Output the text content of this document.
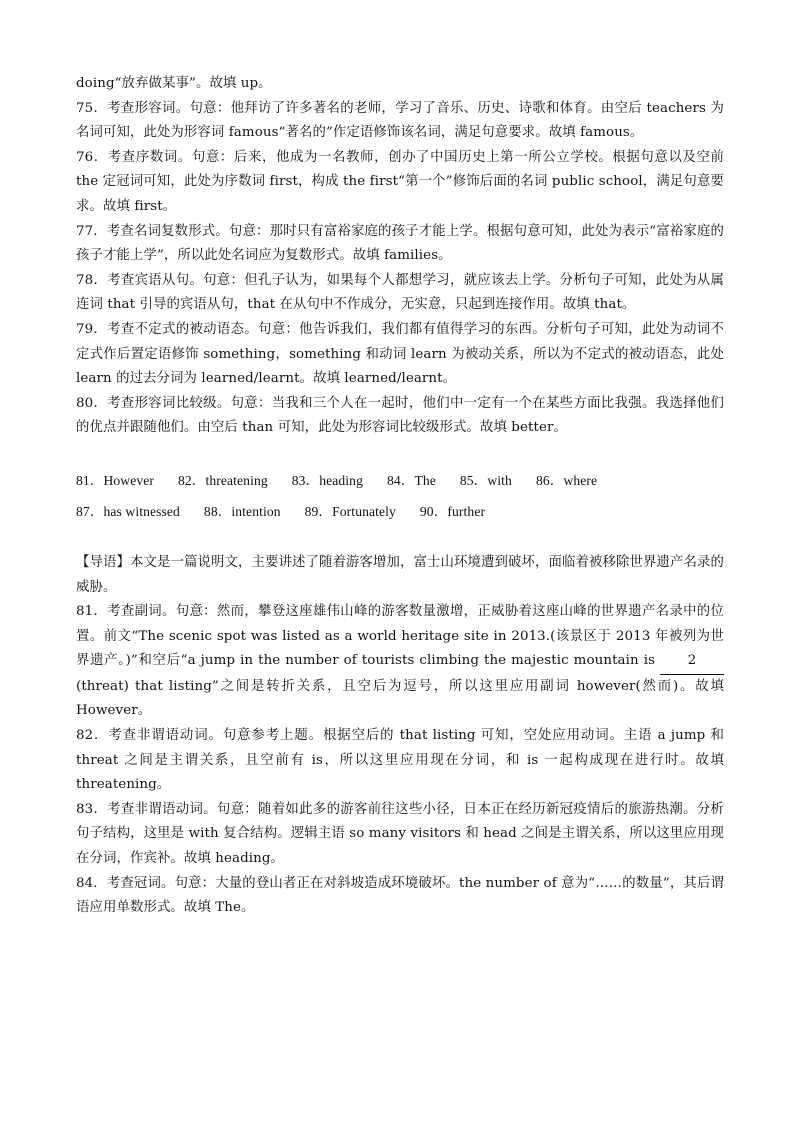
doing“放弃做某事”。故填 up。

75．考查形容词。句意：他拜访了许多著名的老师，学习了音乐、历史、诗歌和体育。由空后 teachers 为名词可知，此处为形容词 famous“著名的”作定语修饰该名词，满足句意要求。故填 famous。

76．考查序数词。句意：后来，他成为一名教师，创办了中国历史上第一所公立学校。根据句意以及空前 the 定冠词可知，此处为序数词 first，构成 the first“第一个”修饰后面的名词 public school，满足句意要求。故填 first。

77．考查名词复数形式。句意：那时只有富裕家庭的孩子才能上学。根据句意可知，此处为表示“富裕家庭的孩子才能上学”，所以此处名词应为复数形式。故填 families。

78．考查宾语从句。句意：但孔子认为，如果每个人都想学习，就应该去上学。分析句子可知，此处为从属连词 that 引导的宾语从句，that 在从句中不作成分，无实意，只起到连接作用。故填 that。

79．考查不定式的被动语态。句意：他告诉我们，我们都有值得学习的东西。分析句子可知，此处为动词不定式作后置定语修饰 something，something 和动词 learn 为被动关系，所以为不定式的被动语态，此处 learn 的过去分词为 learned/learnt。故填 learned/learnt。

80．考查形容词比较级。句意：当我和三个人在一起时，他们中一定有一个在某些方面比我强。我选择他们的优点并跟随他们。由空后 than 可知，此处为形容词比较级形式。故填 better。

81．However 82．threatening 83．heading 84．The 85．with 86．where
87．has witnessed 88．intention 89．Fortunately 90．further

【导语】本文是一篇说明文，主要讲述了随着游客增加，富士山环境遭到破坏，面临着被移除世界遗产名录的威胁。

81．考查副词。句意：然而，攀登这座雄伟山峰的游客数量激增，正威胁着这座山峰的世界遗产名录中的位置。前文“The scenic spot was listed as a world heritage site in 2013.(该景区于 2013 年被列为世界遗产。)”和空后“a jump in the number of tourists climbing the majestic mountain is 2(threat) that listing”之间是转折关系，且空后为逗号，所以这里应用副词 however(然而)。故填 However。

82．考查非谓语动词。句意参考上题。根据空后的 that listing 可知，空处应用动词。主语 a jump 和 threat 之间是主谓关系，且空前有 is，所以这里应用现在分词，和 is 一起构成现在进行时。故填 threatening。

83．考查非谓语动词。句意：随着如此多的游客前往这些小径，日本正在经历新冠疫情后的旅游热潮。分析句子结构，这里是 with 复合结构。逻辑主语 so many visitors 和 head 之间是主谓关系，所以这里应用现在分词，作宾补。故填 heading。

84．考查冠词。句意：大量的登山者正在对斜坡造成环境破坏。the number of 意为“……的数量”，其后谓语应用单数形式。故填 The。
